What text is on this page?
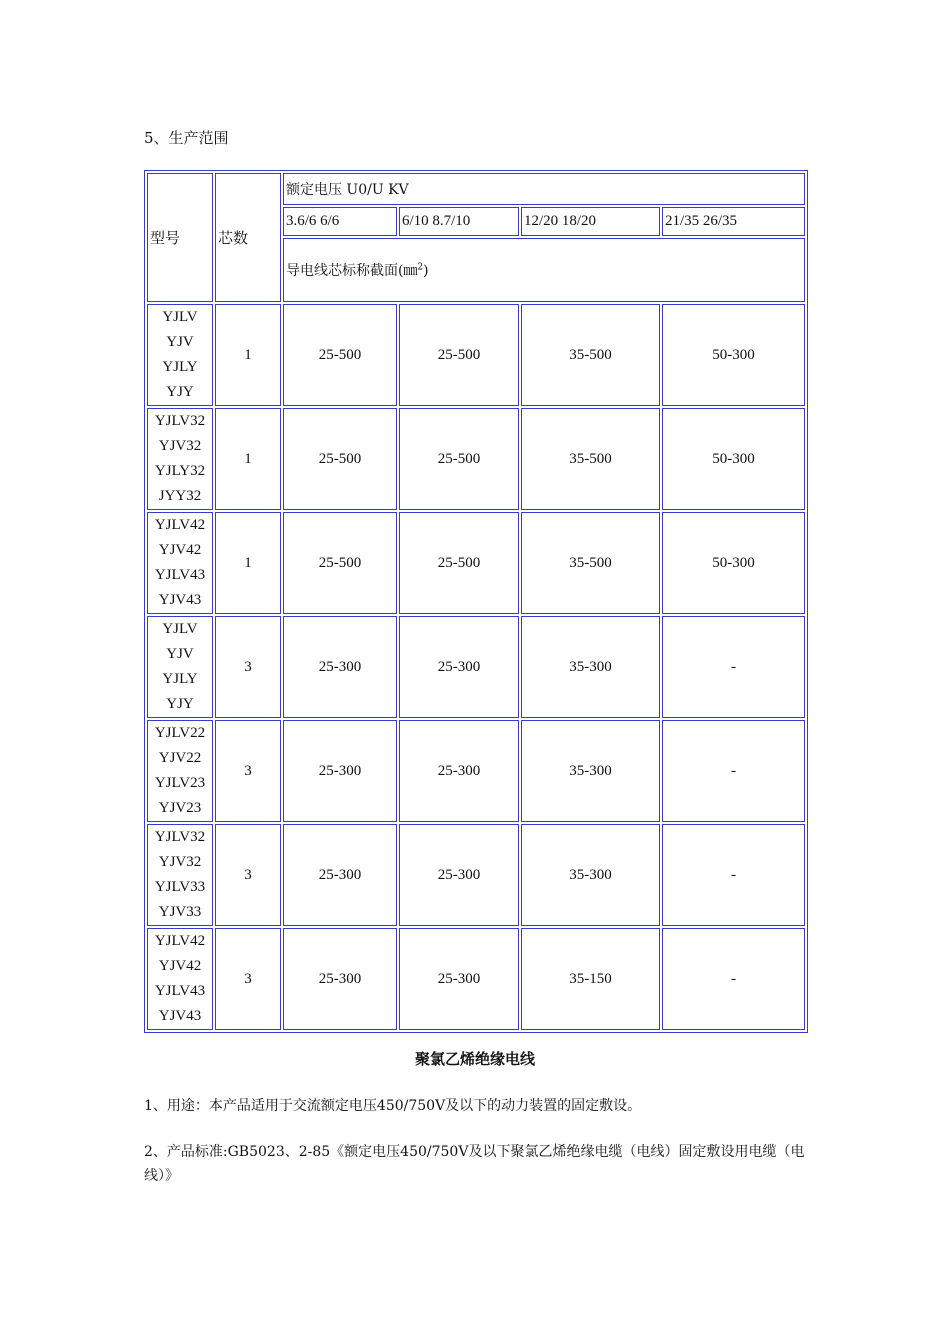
5、生产范围
型号	芯数	额定电压 U0/U KV			
		3.6/6 6/6	6/10 8.7/10	12/20 18/20	21/35 26/35
		导电线芯标称截面(㎜$^2$)			

YJLV
YJV
YJLY
YJY	1	25-500	25-500	35-500	50-300

YJLV32
YJV32
YJLY32
JYY32	1	25-500	25-500	35-500	50-300

YJLV42
YJV42
YJLV43
YJV43	1	25-500	25-500	35-500	50-300

YJLV
YJV
YJLY
YJY	3	25-300	25-300	35-300	-

YJLV22
YJV22
YJLV23
YJV23	3	25-300	25-300	35-300	-

YJLV32
YJV32
YJLV33
YJV33	3	25-300	25-300	35-300	-

YJLV42
YJV42
YJLV43
YJV43	3	25-300	25-300	35-150	-
聚氯乙烯绝缘电线
1、用途：本产品适用于交流额定电压450/750V及以下的动力装置的固定敷设。
2、产品标准:GB5023、2-85《额定电压450/750V及以下聚氯乙烯绝缘电缆（电线）固定敷设用电缆（电线）》
